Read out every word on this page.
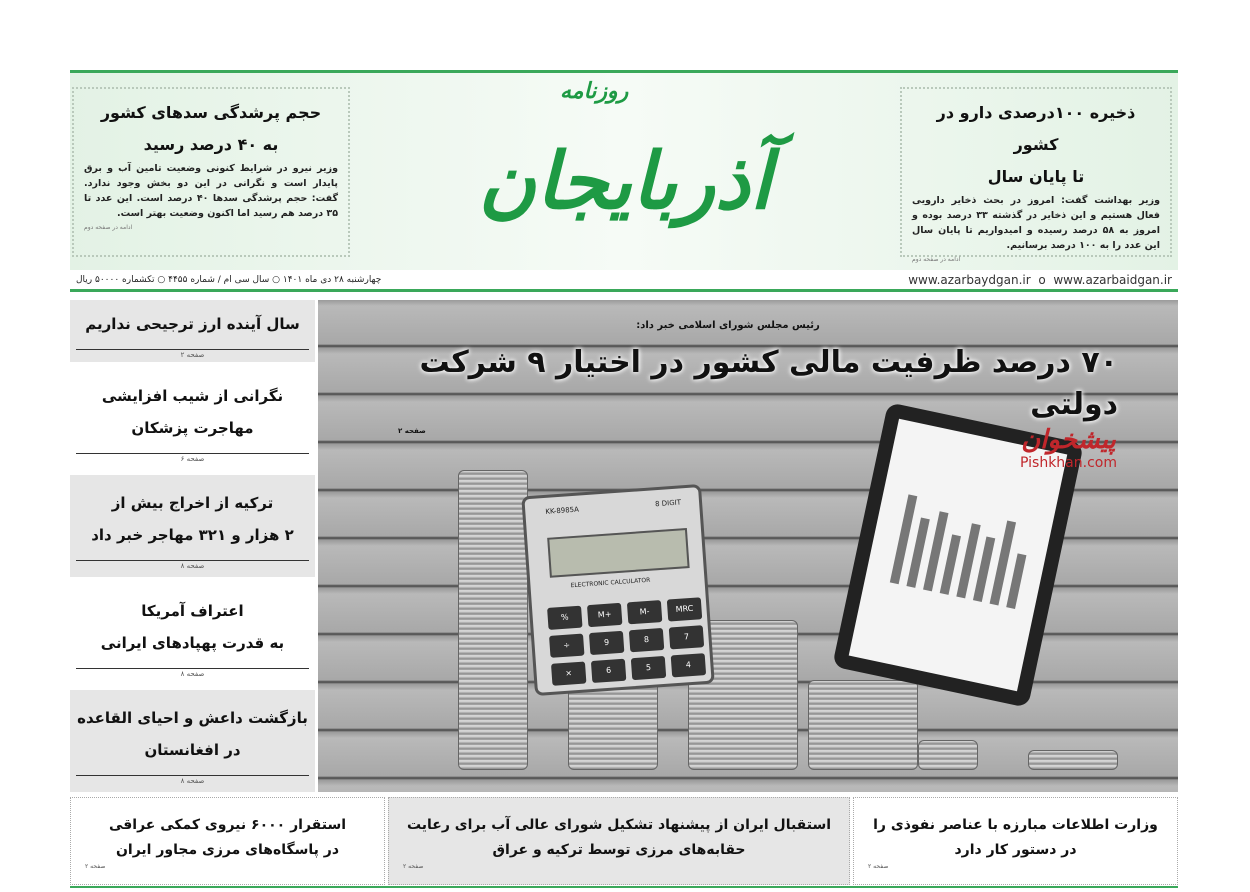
ذخیره ۱۰۰درصدی دارو در کشور
تا پایان سال

وزیر بهداشت گفت: امروز در بحث ذخایر دارویی فعال هستیم و این ذخایر در گذشته ۳۳ درصد بوده و امروز به ۵۸ درصد رسیده و امیدواریم تا پایان سال این عدد را به ۱۰۰ درصد برسانیم.

ادامه در صفحه دوم
روزنامه
آذربایجان
حجم پرشدگی سدهای کشور
به ۴۰ درصد رسید

وزیر نیرو در شرایط کنونی وضعیت تامین آب و برق پایدار است و نگرانی در این دو بخش وجود ندارد. گفت: حجم پرشدگی سدها ۴۰ درصد است. این عدد تا ۳۵ درصد هم رسید اما اکنون وضعیت بهتر است.

ادامه در صفحه دوم
www.azarbaydgan.ir o www.azarbaidgan.ir
چهارشنبه ۲۸ دی ماه ۱۴۰۱ ○ سال سی ام / شماره ۴۴۵۵ ○ تکشماره ۵۰۰۰۰ ریال
سال آینده ارز ترجیحی نداریم
صفحه ۲
نگرانی از شیب افزایشی
مهاجرت پزشکان
صفحه ۶
ترکیه از اخراج بیش از
۲ هزار و ۳۲۱ مهاجر خبر داد
صفحه ۸
اعتراف آمریکا
به قدرت پهپادهای ایرانی
صفحه ۸
بازگشت داعش و احیای القاعده
در افغانستان
صفحه ۸
KK-8985A
8 DIGIT
ELECTRONIC CALCULATOR
MRC
M-
M+
%
7
8
9
÷
4
5
6
×
رئیس مجلس شورای اسلامی خبر داد:
۷۰ درصد ظرفیت مالی کشور در اختیار ۹ شرکت دولتی
صفحه ۲	پیشخوان
Pishkhan.com
وزارت اطلاعات مبارزه با عناصر نفوذی را
در دستور کار دارد
صفحه ۲
استقبال ایران از پیشنهاد تشکیل شورای عالی آب برای رعایت
حقابه‌های مرزی توسط ترکیه و عراق
صفحه ۲
استقرار ۶۰۰۰ نیروی کمکی عراقی
در پاسگاه‌های مرزی مجاور ایران
صفحه ۲
